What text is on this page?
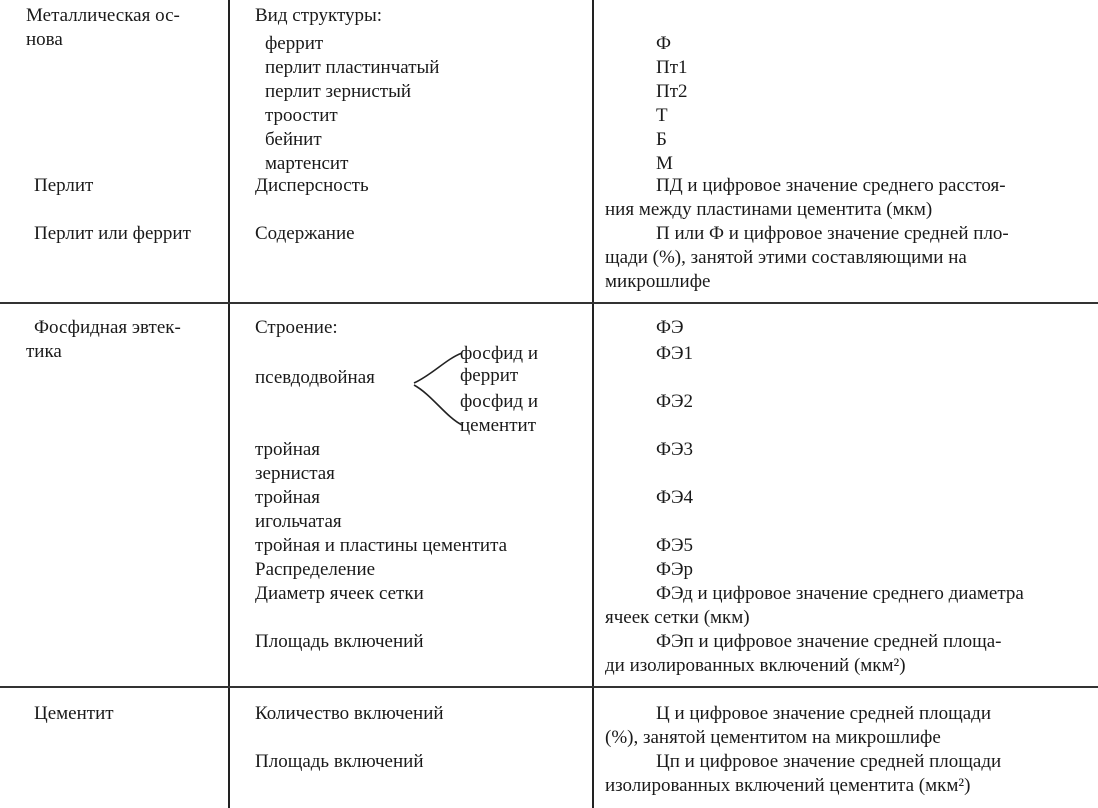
Металлическая ос-
нова
Перлит
Перлит или феррит
Вид структуры:
феррит
перлит пластинчатый
перлит зернистый
троостит
бейнит
мартенсит
Дисперсность
Содержание
Ф
Пт1
Пт2
Т
Б
М
ПД и цифровое значение среднего расстоя-
ния между пластинами цементита (мкм)
П или Ф и цифровое значение средней пло-
щади (%), занятой этими составляющими на
микрошлифе
Фосфидная эвтек-
тика
Строение:
псевдодвойная
фосфид и
феррит
фосфид и
цементит
тройная
зернистая
тройная
игольчатая
тройная и пластины цементита
Распределение
Диаметр ячеек сетки
Площадь включений
ФЭ
ФЭ1
ФЭ2
ФЭ3
ФЭ4
ФЭ5
ФЭр
ФЭд и цифровое значение среднего диаметра
ячеек сетки (мкм)
ФЭп и цифровое значение средней площа-
ди изолированных включений (мкм²)
Цементит	Количество включений
Площадь включений
Ц и цифровое значение средней площади
(%), занятой цементитом на микрошлифе
Цп и цифровое значение средней площади
изолированных включений цементита (мкм²)
